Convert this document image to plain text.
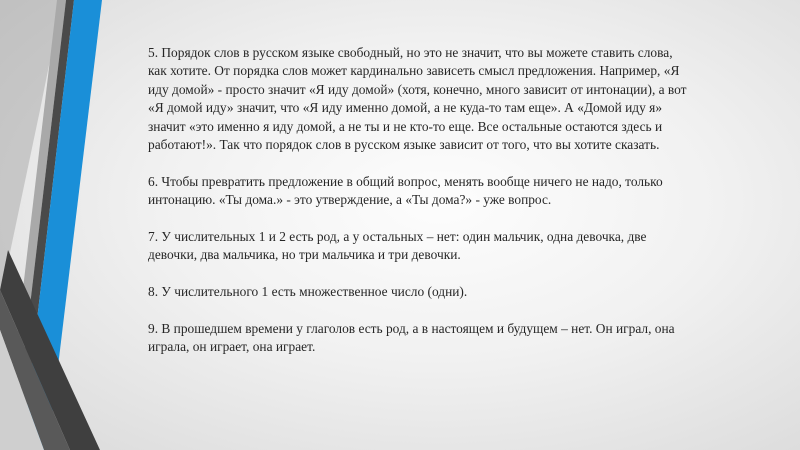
5. Порядок слов в русском языке свободный, но это не значит, что вы можете ставить слова, как хотите. От порядка слов может кардинально зависеть смысл предложения. Например, «Я иду домой» - просто значит «Я иду домой» (хотя, конечно, много зависит от интонации), а вот «Я домой иду» значит, что «Я иду именно домой, а не куда-то там еще». А «Домой иду я» значит «это именно я иду домой, а не ты и не кто-то еще. Все остальные остаются здесь и работают!». Так что порядок слов в русском языке зависит от того, что вы хотите сказать.

6. Чтобы превратить предложение в общий вопрос, менять вообще ничего не надо, только интонацию. «Ты дома.» - это утверждение, а «Ты дома?» - уже вопрос.

7. У числительных 1 и 2 есть род, а у остальных – нет: один мальчик, одна девочка, две девочки, два мальчика, но три мальчика и три девочки.

8. У числительного 1 есть множественное число (одни).

9. В прошедшем времени у глаголов есть род, а в настоящем и будущем – нет. Он играл, она играла, он играет, она играет.
